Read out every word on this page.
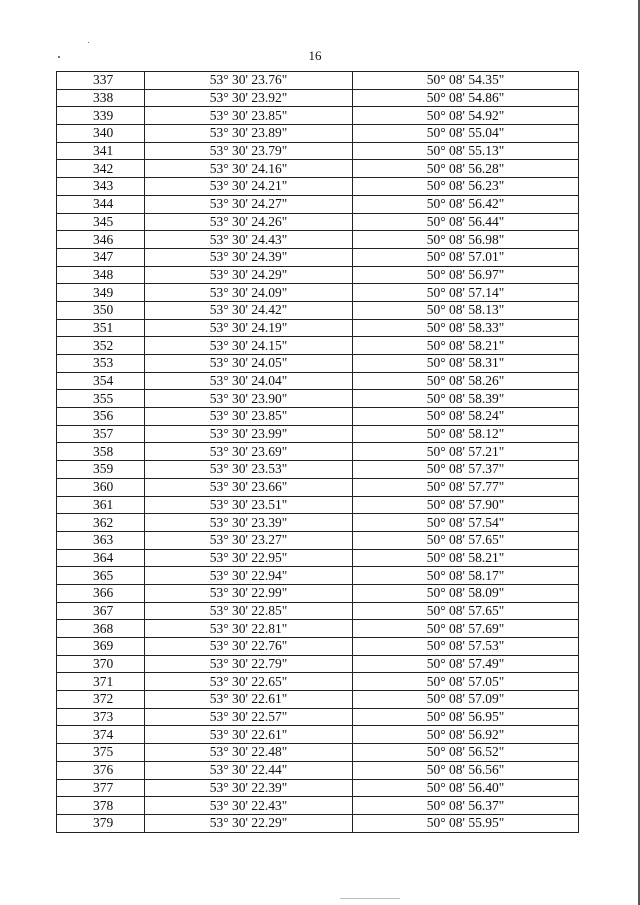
16
337	53° 30' 23.76"	50° 08' 54.35"
338	53° 30' 23.92"	50° 08' 54.86"
339	53° 30' 23.85"	50° 08' 54.92"
340	53° 30' 23.89"	50° 08' 55.04"
341	53° 30' 23.79"	50° 08' 55.13"
342	53° 30' 24.16"	50° 08' 56.28"
343	53° 30' 24.21"	50° 08' 56.23"
344	53° 30' 24.27"	50° 08' 56.42"
345	53° 30' 24.26"	50° 08' 56.44"
346	53° 30' 24.43"	50° 08' 56.98"
347	53° 30' 24.39"	50° 08' 57.01"
348	53° 30' 24.29"	50° 08' 56.97"
349	53° 30' 24.09"	50° 08' 57.14"
350	53° 30' 24.42"	50° 08' 58.13"
351	53° 30' 24.19"	50° 08' 58.33"
352	53° 30' 24.15"	50° 08' 58.21"
353	53° 30' 24.05"	50° 08' 58.31"
354	53° 30' 24.04"	50° 08' 58.26"
355	53° 30' 23.90"	50° 08' 58.39"
356	53° 30' 23.85"	50° 08' 58.24"
357	53° 30' 23.99"	50° 08' 58.12"
358	53° 30' 23.69"	50° 08' 57.21"
359	53° 30' 23.53"	50° 08' 57.37"
360	53° 30' 23.66"	50° 08' 57.77"
361	53° 30' 23.51"	50° 08' 57.90"
362	53° 30' 23.39"	50° 08' 57.54"
363	53° 30' 23.27"	50° 08' 57.65"
364	53° 30' 22.95"	50° 08' 58.21"
365	53° 30' 22.94"	50° 08' 58.17"
366	53° 30' 22.99"	50° 08' 58.09"
367	53° 30' 22.85"	50° 08' 57.65"
368	53° 30' 22.81"	50° 08' 57.69"
369	53° 30' 22.76"	50° 08' 57.53"
370	53° 30' 22.79"	50° 08' 57.49"
371	53° 30' 22.65"	50° 08' 57.05"
372	53° 30' 22.61"	50° 08' 57.09"
373	53° 30' 22.57"	50° 08' 56.95"
374	53° 30' 22.61"	50° 08' 56.92"
375	53° 30' 22.48"	50° 08' 56.52"
376	53° 30' 22.44"	50° 08' 56.56"
377	53° 30' 22.39"	50° 08' 56.40"
378	53° 30' 22.43"	50° 08' 56.37"
379	53° 30' 22.29"	50° 08' 55.95"
